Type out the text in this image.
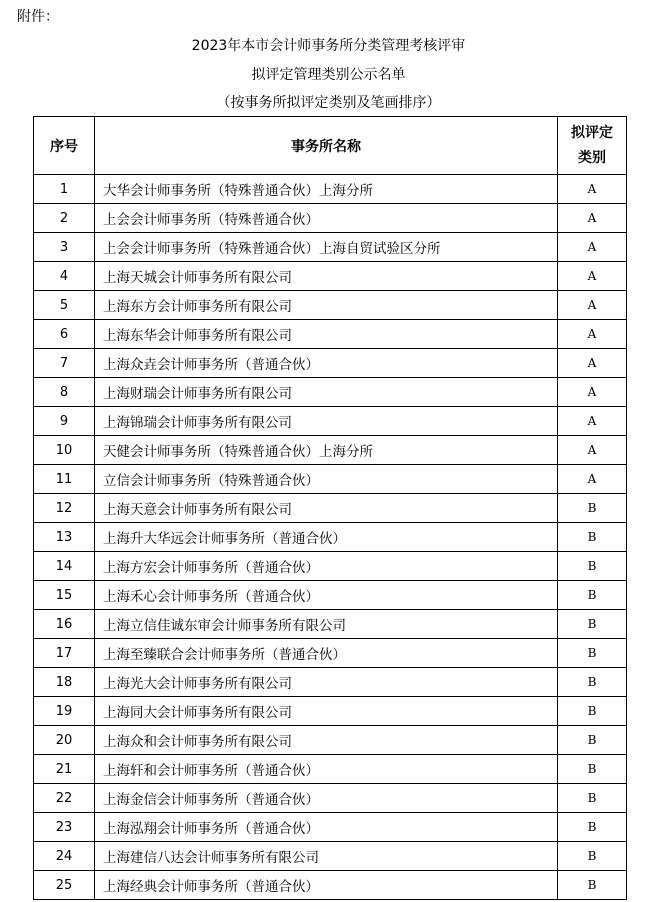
附件：
2023年本市会计师事务所分类管理考核评审
拟评定管理类别公示名单
（按事务所拟评定类别及笔画排序）
序号	事务所名称	拟评定
类别

1	大华会计师事务所（特殊普通合伙）上海分所	A
2	上会会计师事务所（特殊普通合伙）	A
3	上会会计师事务所（特殊普通合伙）上海自贸试验区分所	A
4	上海天城会计师事务所有限公司	A
5	上海东方会计师事务所有限公司	A
6	上海东华会计师事务所有限公司	A
7	上海众垚会计师事务所（普通合伙）	A
8	上海财瑞会计师事务所有限公司	A
9	上海锦瑞会计师事务所有限公司	A
10	天健会计师事务所（特殊普通合伙）上海分所	A
11	立信会计师事务所（特殊普通合伙）	A
12	上海天意会计师事务所有限公司	B
13	上海升大华远会计师事务所（普通合伙）	B
14	上海方宏会计师事务所（普通合伙）	B
15	上海禾心会计师事务所（普通合伙）	B
16	上海立信佳诚东审会计师事务所有限公司	B
17	上海至臻联合会计师事务所（普通合伙）	B
18	上海光大会计师事务所有限公司	B
19	上海同大会计师事务所有限公司	B
20	上海众和会计师事务所有限公司	B
21	上海轩和会计师事务所（普通合伙）	B
22	上海金信会计师事务所（普通合伙）	B
23	上海泓翔会计师事务所（普通合伙）	B
24	上海建信八达会计师事务所有限公司	B
25	上海经典会计师事务所（普通合伙）	B
